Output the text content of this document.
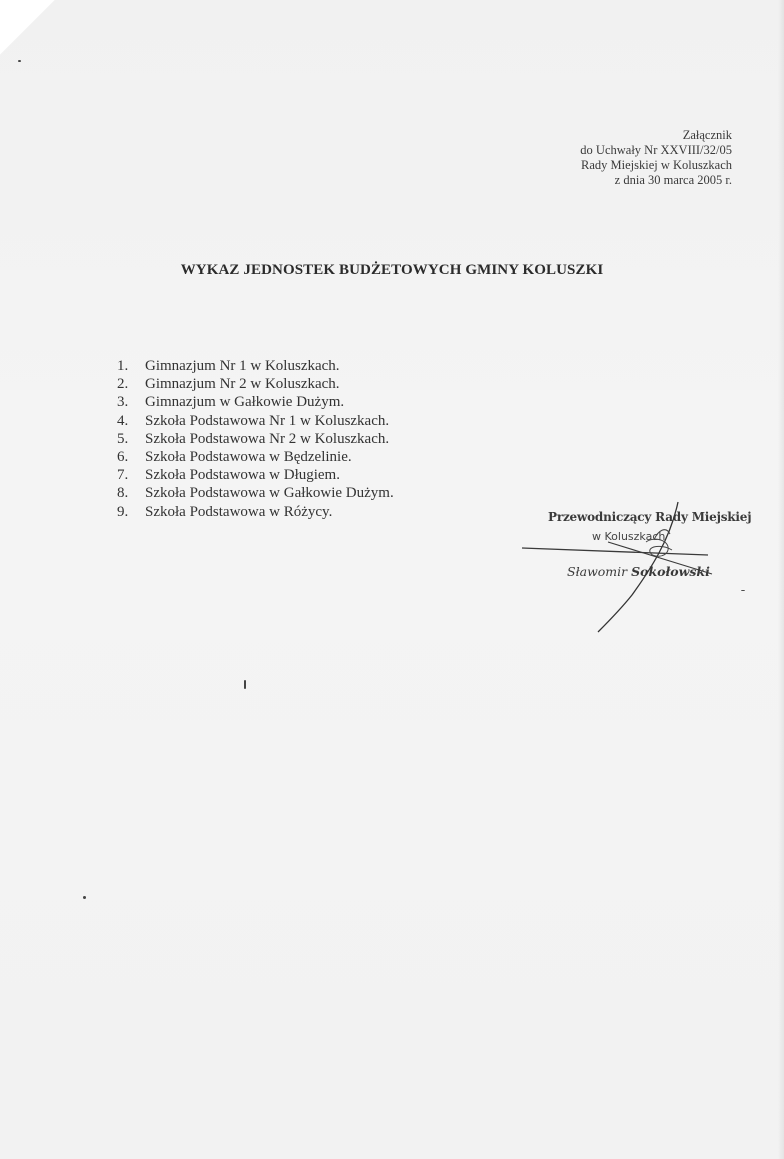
Załącznik
do Uchwały Nr XXVIII/32/05
Rady Miejskiej w Koluszkach
z dnia 30 marca 2005 r.
WYKAZ JEDNOSTEK BUDŻETOWYCH GMINY KOLUSZKI
1.	Gimnazjum Nr 1 w Koluszkach.
2.	Gimnazjum Nr 2 w Koluszkach.
3.	Gimnazjum w Gałkowie Dużym.
4.	Szkoła Podstawowa Nr 1 w Koluszkach.
5.	Szkoła Podstawowa Nr 2 w Koluszkach.
6.	Szkoła Podstawowa w Będzelinie.
7.	Szkoła Podstawowa w Długiem.
8.	Szkoła Podstawowa w Gałkowie Dużym.
9.	Szkoła Podstawowa w Różycy.	Przewodniczący Rady Miejskiej
w Koluszkach
Sławomir Sokołowski
